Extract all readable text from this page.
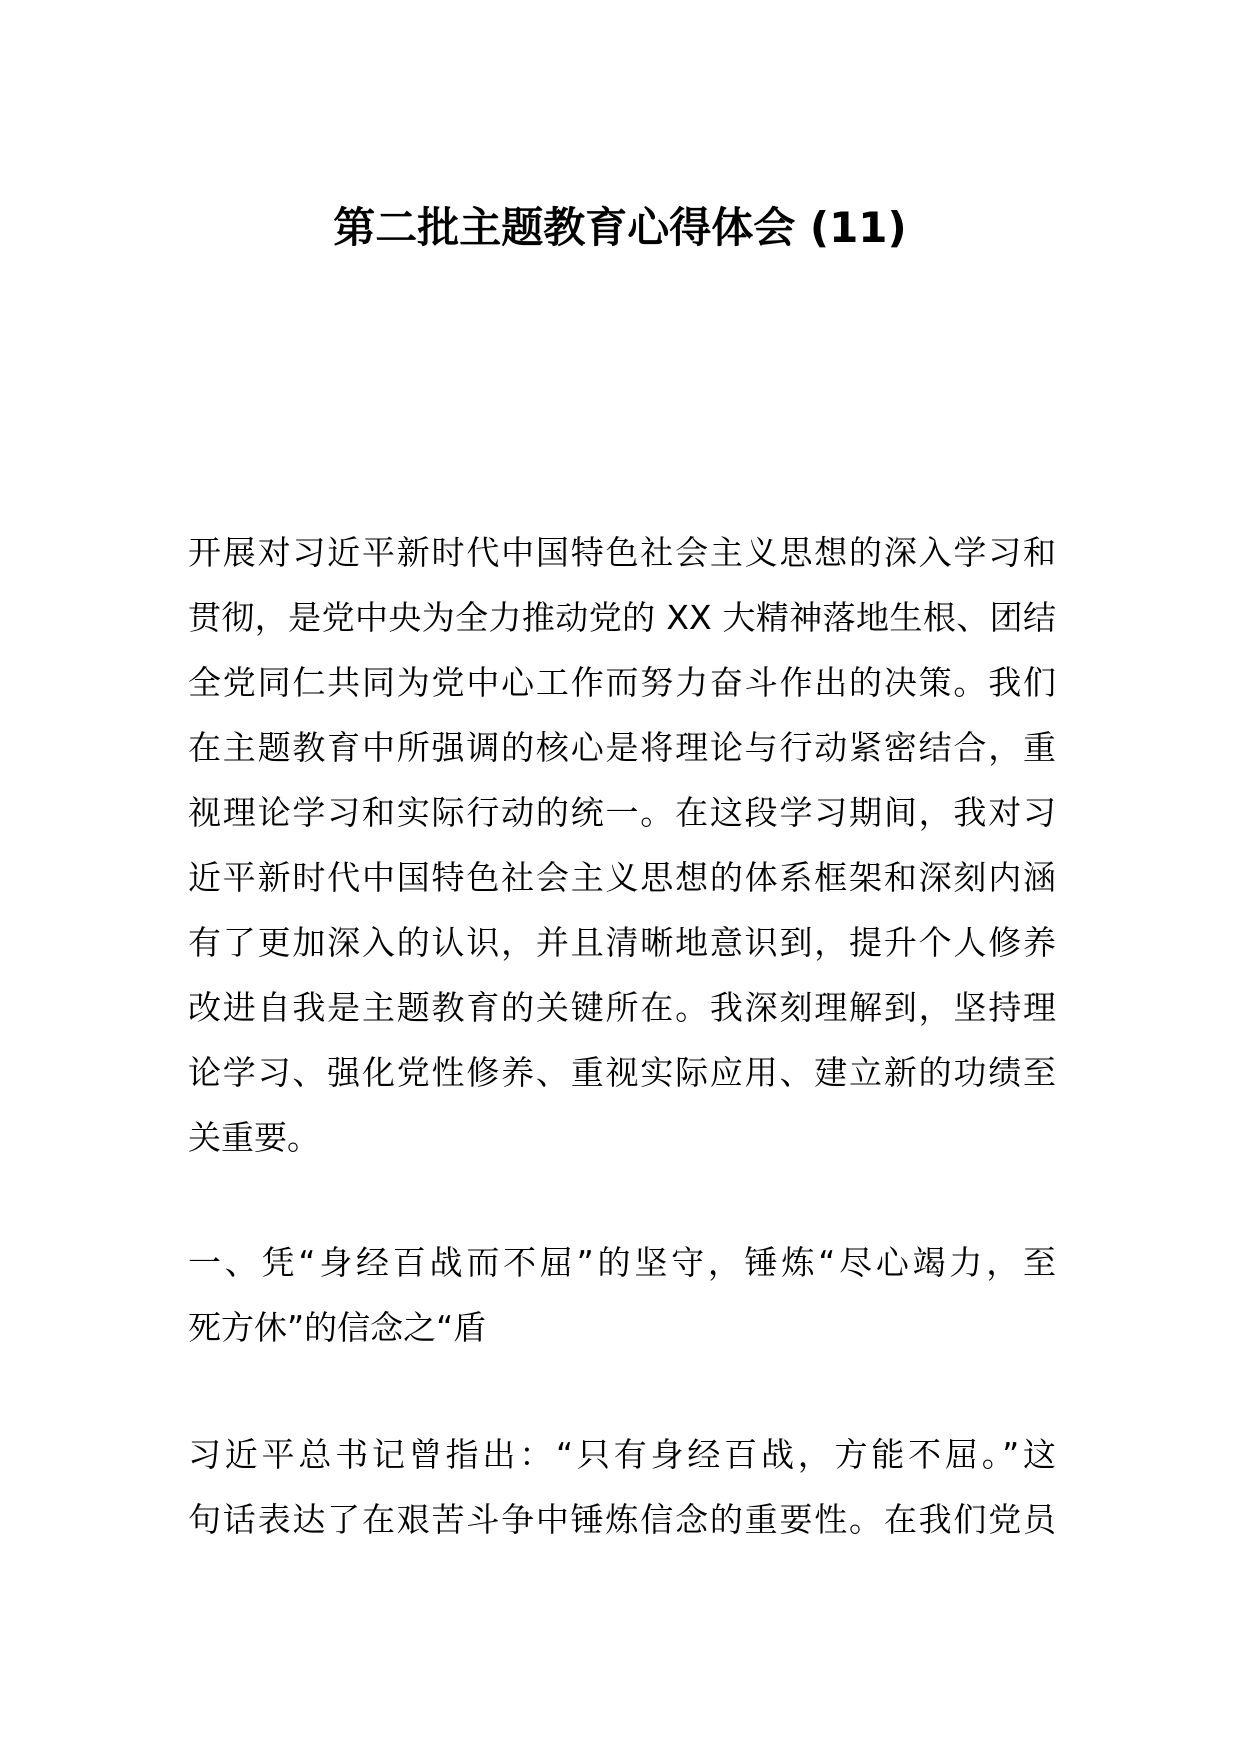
第二批主题教育心得体会 (11)
开展对习近平新时代中国特色社会主义思想的深入学习和
贯彻，是党中央为全力推动党的 XX 大精神落地生根、团结
全党同仁共同为党中心工作而努力奋斗作出的决策。我们
在主题教育中所强调的核心是将理论与行动紧密结合，重
视理论学习和实际行动的统一。在这段学习期间，我对习
近平新时代中国特色社会主义思想的体系框架和深刻内涵
有了更加深入的认识，并且清晰地意识到，提升个人修养
改进自我是主题教育的关键所在。我深刻理解到，坚持理
论学习、强化党性修养、重视实际应用、建立新的功绩至
关重要。
一、凭“身经百战而不屈”的坚守，锤炼“尽心竭力，至
死方休”的信念之“盾
习近平总书记曾指出：“只有身经百战，方能不屈。”这
句话表达了在艰苦斗争中锤炼信念的重要性。在我们党员
